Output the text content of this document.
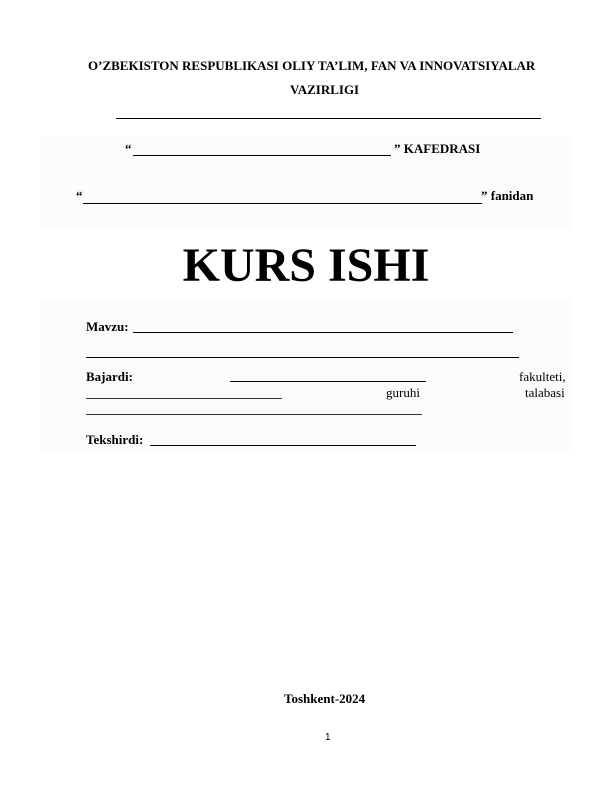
O’ZBEKISTON RESPUBLIKASI OLIY TA’LIM, FAN VA INNOVATSIYALAR
VAZIRLIGI
“	” KAFEDRASI
“	” fanidan
KURS ISHI
Mavzu:
Bajardi:	fakulteti,
guruhi	talabasi
Tekshirdi:
Toshkent-2024
1
